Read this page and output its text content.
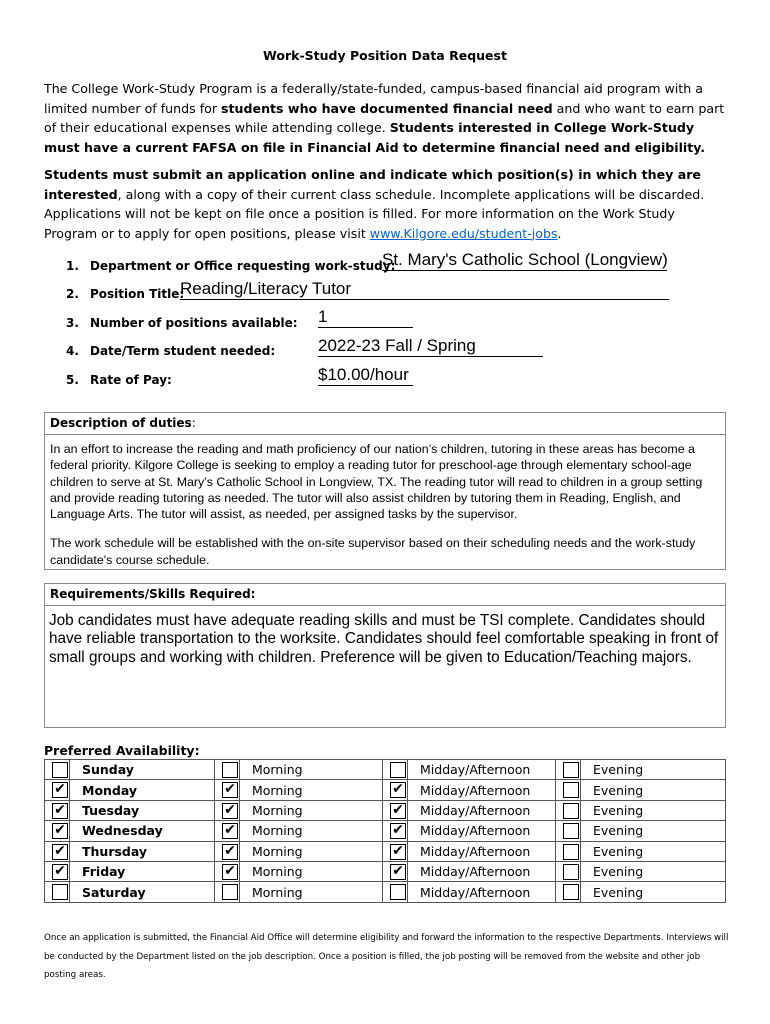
Work-Study Position Data Request
The College Work-Study Program is a federally/state-funded, campus-based financial aid program with a limited number of funds for students who have documented financial need and who want to earn part of their educational expenses while attending college. Students interested in College Work-Study must have a current FAFSA on file in Financial Aid to determine financial need and eligibility.
Students must submit an application online and indicate which position(s) in which they are interested, along with a copy of their current class schedule. Incomplete applications will be discarded. Applications will not be kept on file once a position is filled. For more information on the Work Study Program or to apply for open positions, please visit www.Kilgore.edu/student-jobs.
1. Department or Office requesting work-study:
St. Mary's Catholic School (Longview)
2. Position Title:
Reading/Literacy Tutor
3. Number of positions available: 1
4. Date/Term student needed:	2022-23 Fall / Spring
5. Rate of Pay:	$10.00/hour
Description of duties:

In an effort to increase the reading and math proficiency of our nation’s children, tutoring in these areas has become a federal priority. Kilgore College is seeking to employ a reading tutor for preschool-age through elementary school-age children to serve at St. Mary’s Catholic School in Longview, TX. The reading tutor will read to children in a group setting and provide reading tutoring as needed. The tutor will also assist children by tutoring them in Reading, English, and Language Arts. The tutor will assist, as needed, per assigned tasks by the supervisor.

The work schedule will be established with the on-site supervisor based on their scheduling needs and the work-study candidate's course schedule.

Requirements/Skills Required:
Job candidates must have adequate reading skills and must be TSI complete. Candidates should have reliable transportation to the worksite. Candidates should feel comfortable speaking in front of small groups and working with children. Preference will be given to Education/Teaching majors.
Preferred Availability:
	Sunday		Morning		Midday/Afternoon		Evening
✔	Monday	✔	Morning	✔	Midday/Afternoon		Evening
✔	Tuesday	✔	Morning	✔	Midday/Afternoon		Evening
✔	Wednesday	✔	Morning	✔	Midday/Afternoon		Evening
✔	Thursday	✔	Morning	✔	Midday/Afternoon		Evening
✔	Friday	✔	Morning	✔	Midday/Afternoon		Evening
	Saturday		Morning		Midday/Afternoon		Evening
Once an application is submitted, the Financial Aid Office will determine eligibility and forward the information to the respective Departments. Interviews will be conducted by the Department listed on the job description. Once a position is filled, the job posting will be removed from the website and other job posting areas.
